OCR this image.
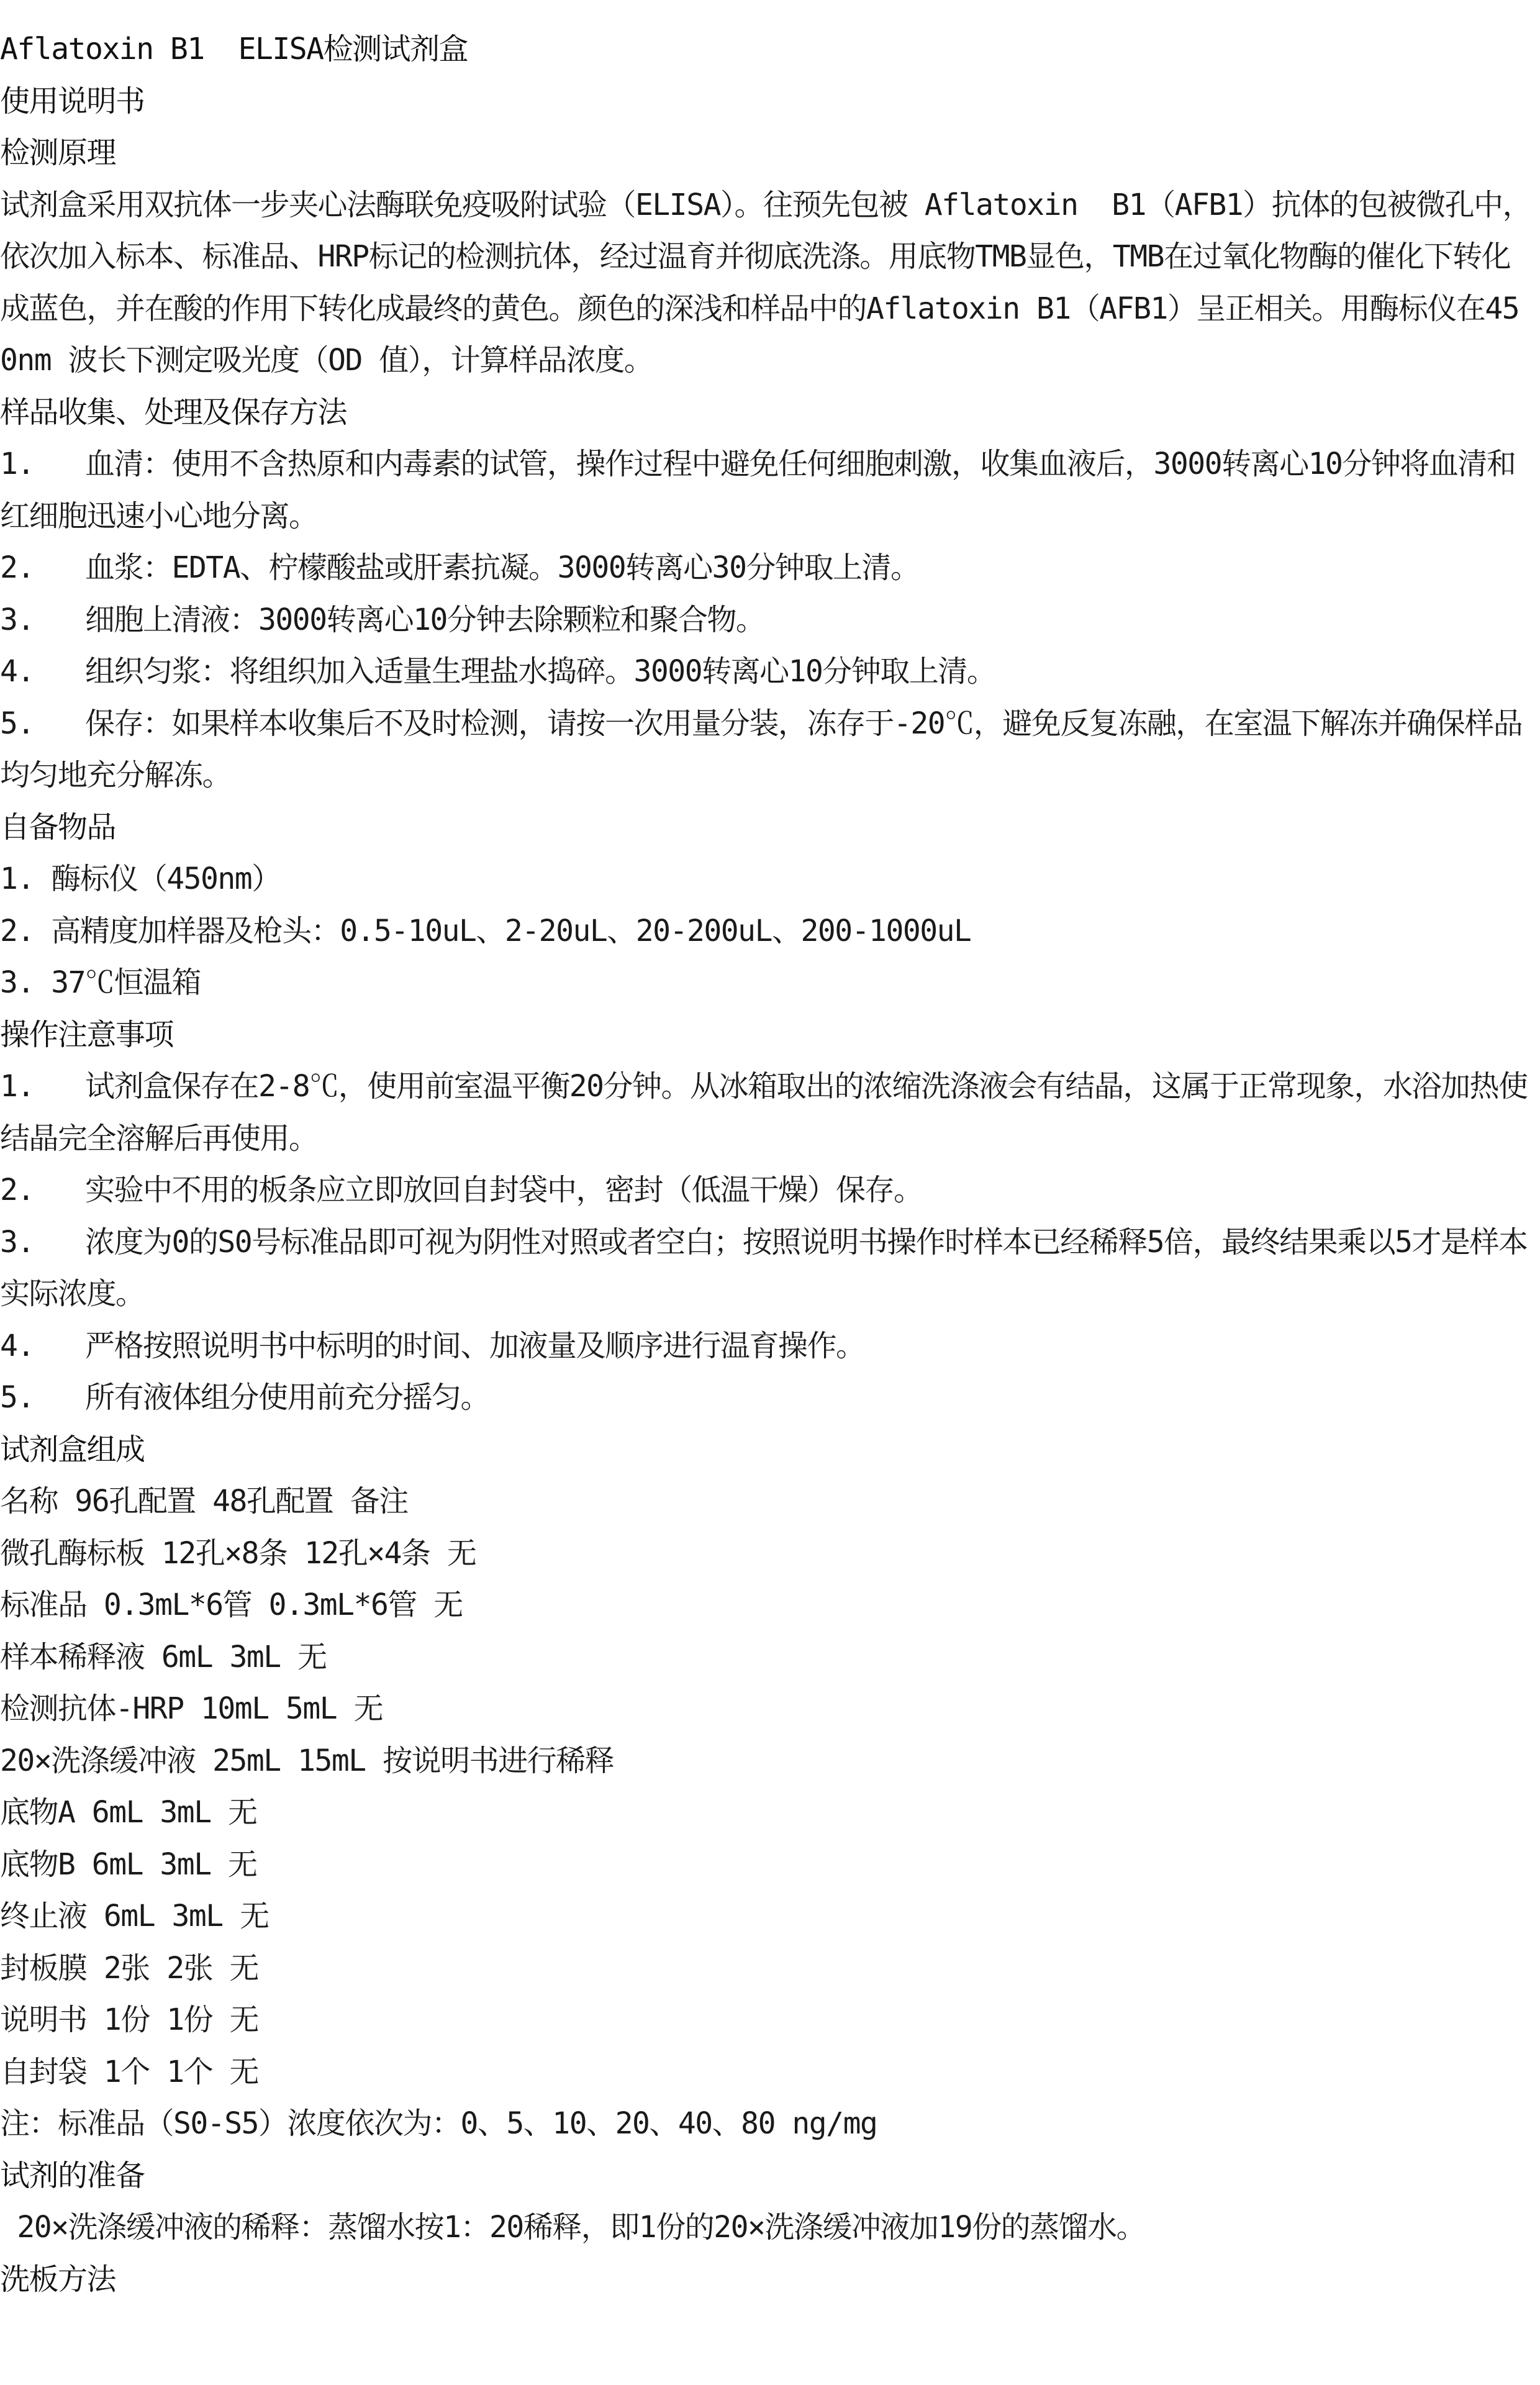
Aflatoxin B1  ELISA检测试剂盒

使用说明书

检测原理

试剂盒采用双抗体一步夹心法酶联免疫吸附试验（ELISA）。往预先包被 Aflatoxin  B1（AFB1）抗体的包被微孔中，依次加入标本、标准品、HRP标记的检测抗体，经过温育并彻底洗涤。用底物TMB显色，TMB在过氧化物酶的催化下转化成蓝色，并在酸的作用下转化成最终的黄色。颜色的深浅和样品中的Aflatoxin B1（AFB1）呈正相关。用酶标仪在450nm 波长下测定吸光度（OD 值），计算样品浓度。

样品收集、处理及保存方法

1.   血清：使用不含热原和内毒素的试管，操作过程中避免任何细胞刺激，收集血液后，3000转离心10分钟将血清和红细胞迅速小心地分离。

2.   血浆：EDTA、柠檬酸盐或肝素抗凝。3000转离心30分钟取上清。

3.   细胞上清液：3000转离心10分钟去除颗粒和聚合物。

4.   组织匀浆：将组织加入适量生理盐水捣碎。3000转离心10分钟取上清。

5.   保存：如果样本收集后不及时检测，请按一次用量分装，冻存于-20℃，避免反复冻融，在室温下解冻并确保样品均匀地充分解冻。

自备物品

1. 酶标仪（450nm）

2. 高精度加样器及枪头：0.5-10uL、2-20uL、20-200uL、200-1000uL

3. 37℃恒温箱

操作注意事项

1.   试剂盒保存在2-8℃，使用前室温平衡20分钟。从冰箱取出的浓缩洗涤液会有结晶，这属于正常现象，水浴加热使结晶完全溶解后再使用。

2.   实验中不用的板条应立即放回自封袋中，密封（低温干燥）保存。

3.   浓度为0的S0号标准品即可视为阴性对照或者空白；按照说明书操作时样本已经稀释5倍，最终结果乘以5才是样本实际浓度。

4.   严格按照说明书中标明的时间、加液量及顺序进行温育操作。

5.   所有液体组分使用前充分摇匀。

试剂盒组成

名称 96孔配置 48孔配置 备注

微孔酶标板 12孔×8条 12孔×4条 无

标准品 0.3mL*6管 0.3mL*6管 无

样本稀释液 6mL 3mL 无

检测抗体-HRP 10mL 5mL 无

20×洗涤缓冲液 25mL 15mL 按说明书进行稀释

底物A 6mL 3mL 无

底物B 6mL 3mL 无

终止液 6mL 3mL 无

封板膜 2张 2张 无

说明书 1份 1份 无

自封袋 1个 1个 无

注：标准品（S0-S5）浓度依次为：0、5、10、20、40、80 ng/mg

试剂的准备

20×洗涤缓冲液的稀释：蒸馏水按1：20稀释，即1份的20×洗涤缓冲液加19份的蒸馏水。

洗板方法
